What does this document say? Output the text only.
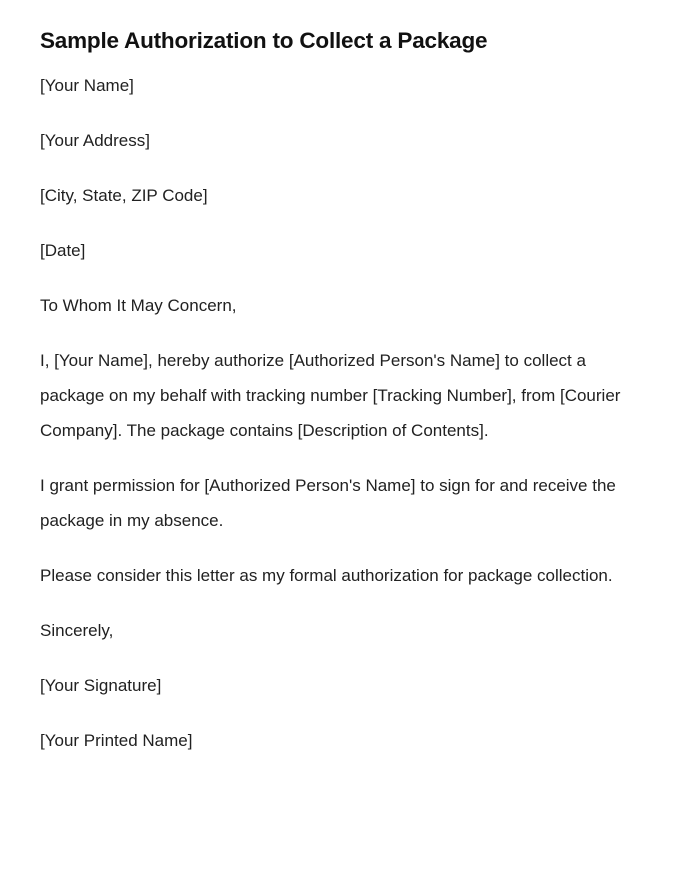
Sample Authorization to Collect a Package

[Your Name]

[Your Address]

[City, State, ZIP Code]

[Date]

To Whom It May Concern,

I, [Your Name], hereby authorize [Authorized Person's Name] to collect a package on my behalf with tracking number [Tracking Number], from [Courier Company]. The package contains [Description of Contents].

I grant permission for [Authorized Person's Name] to sign for and receive the package in my absence.

Please consider this letter as my formal authorization for package collection.

Sincerely,

[Your Signature]

[Your Printed Name]
